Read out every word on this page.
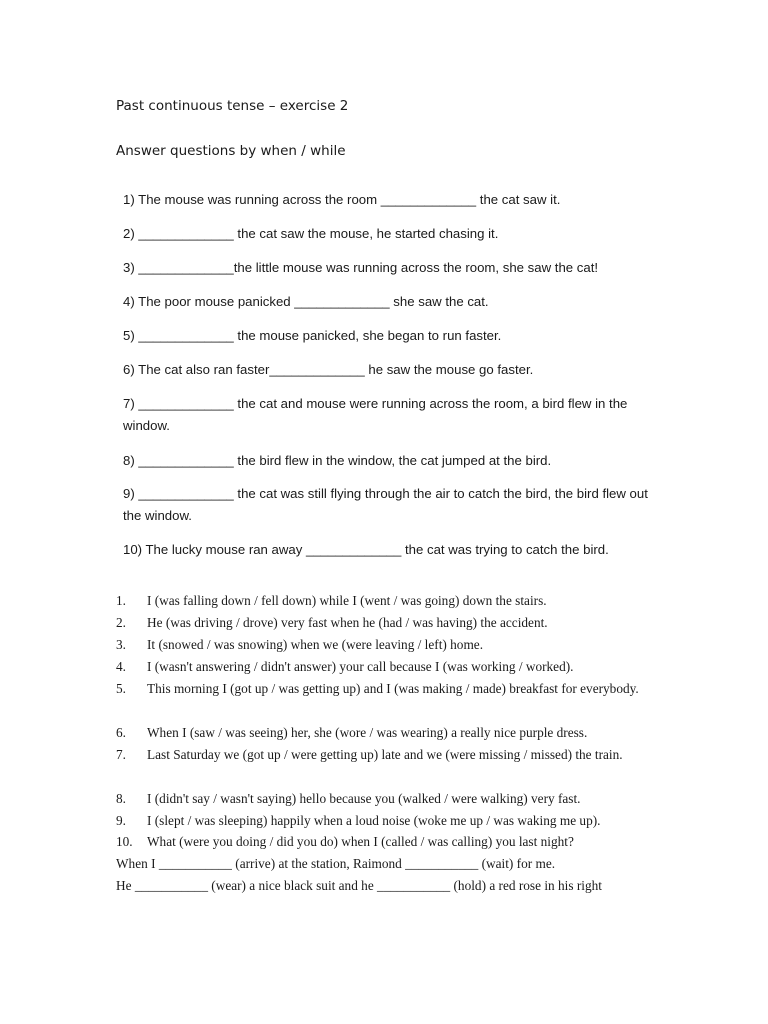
Past continuous tense – exercise 2
Answer questions by when / while
1) The mouse was running across the room _____________ the cat saw it.
2) _____________ the cat saw the mouse, he started chasing it.
3) _____________the little mouse was running across the room, she saw the cat!
4) The poor mouse panicked _____________ she saw the cat.
5) _____________ the mouse panicked, she began to run faster.
6) The cat also ran faster_____________ he saw the mouse go faster.
7) _____________ the cat and mouse were running across the room, a bird flew in the window.
8) _____________ the bird flew in the window, the cat jumped at the bird.
9) _____________ the cat was still flying through the air to catch the bird, the bird flew out the window.
10) The lucky mouse ran away _____________ the cat was trying to catch the bird.
1. I (was falling down / fell down) while I (went / was going) down the stairs.
2. He (was driving / drove) very fast when he (had / was having) the accident.
3. It (snowed / was snowing) when we (were leaving / left) home.
4. I (wasn't answering / didn't answer) your call because I (was working / worked).
5. This morning I (got up / was getting up) and I (was making / made) breakfast for everybody.
6. When I (saw / was seeing) her, she (wore / was wearing) a really nice purple dress.
7. Last Saturday we (got up / were getting up) late and we (were missing / missed) the train.
8. I (didn't say / wasn't saying) hello because you (walked / were walking) very fast.
9. I (slept / was sleeping) happily when a loud noise (woke me up / was waking me up).
10. What (were you doing / did you do) when I (called / was calling) you last night?
When I ___________ (arrive) at the station, Raimond ___________ (wait) for me.
He ___________ (wear) a nice black suit and he ___________ (hold) a red rose in his right
